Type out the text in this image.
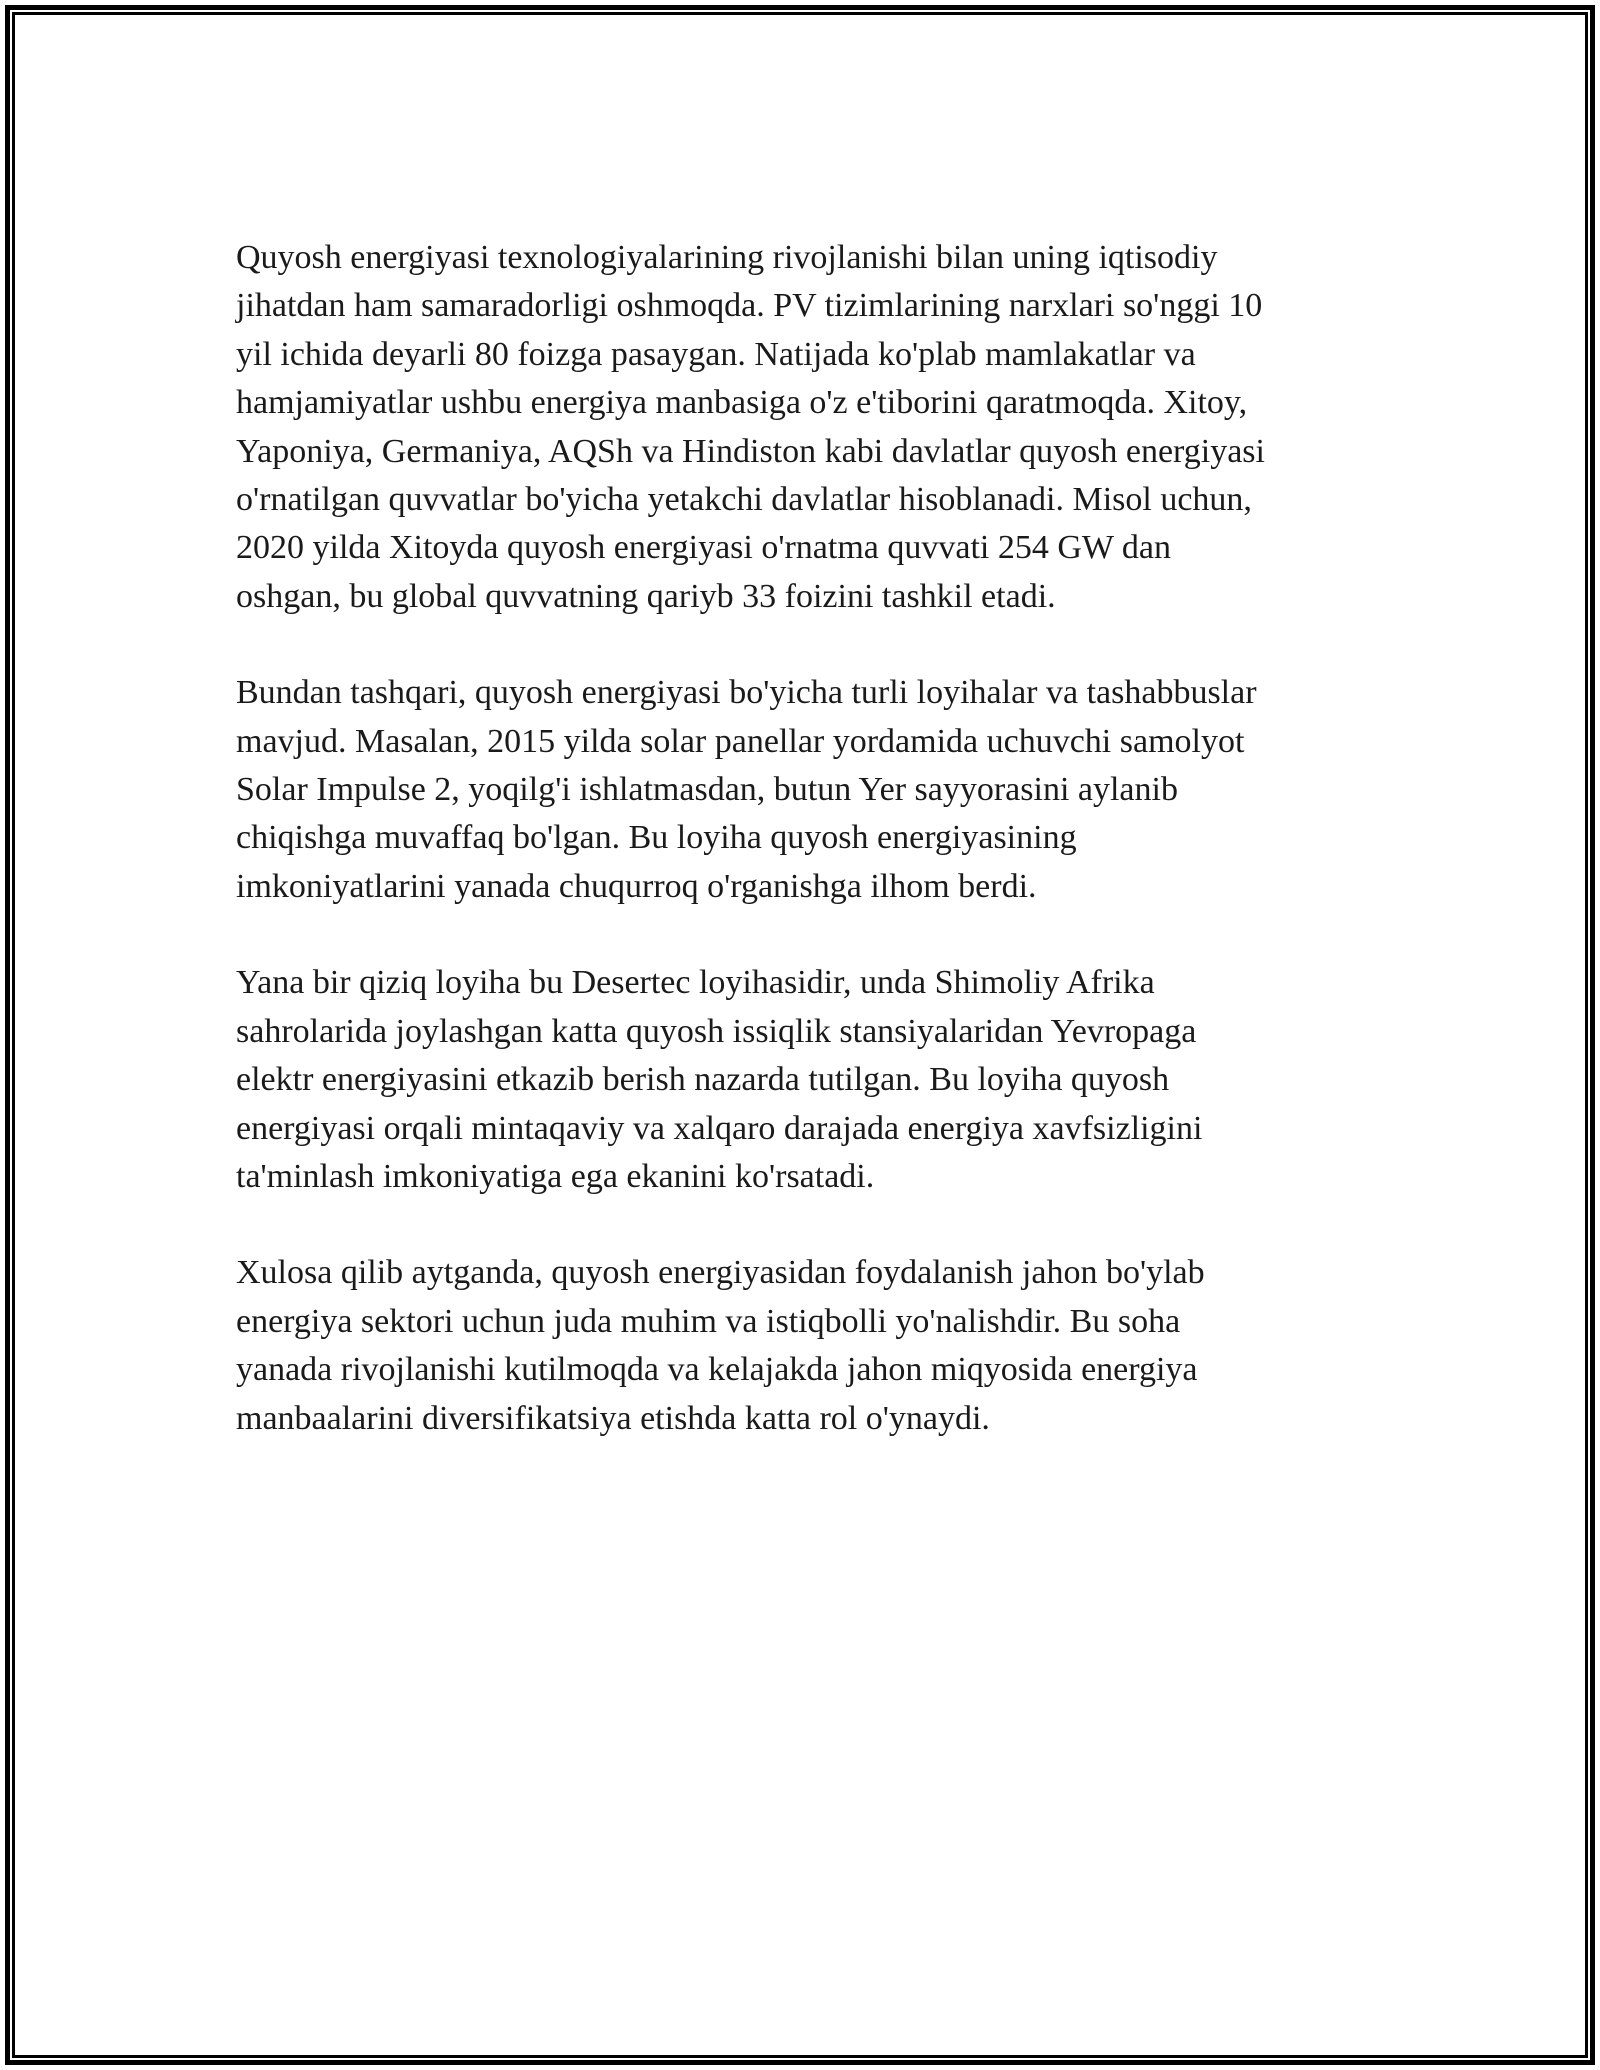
Quyosh energiyasi texnologiyalarining rivojlanishi bilan uning iqtisodiy
jihatdan ham samaradorligi oshmoqda. PV tizimlarining narxlari so'nggi 10
yil ichida deyarli 80 foizga pasaygan. Natijada ko'plab mamlakatlar va
hamjamiyatlar ushbu energiya manbasiga o'z e'tiborini qaratmoqda. Xitoy,
Yaponiya, Germaniya, AQSh va Hindiston kabi davlatlar quyosh energiyasi
o'rnatilgan quvvatlar bo'yicha yetakchi davlatlar hisoblanadi. Misol uchun,
2020 yilda Xitoyda quyosh energiyasi o'rnatma quvvati 254 GW dan
oshgan, bu global quvvatning qariyb 33 foizini tashkil etadi.

Bundan tashqari, quyosh energiyasi bo'yicha turli loyihalar va tashabbuslar
mavjud. Masalan, 2015 yilda solar panellar yordamida uchuvchi samolyot
Solar Impulse 2, yoqilg'i ishlatmasdan, butun Yer sayyorasini aylanib
chiqishga muvaffaq bo'lgan. Bu loyiha quyosh energiyasining
imkoniyatlarini yanada chuqurroq o'rganishga ilhom berdi.

Yana bir qiziq loyiha bu Desertec loyihasidir, unda Shimoliy Afrika
sahrolarida joylashgan katta quyosh issiqlik stansiyalaridan Yevropaga
elektr energiyasini etkazib berish nazarda tutilgan. Bu loyiha quyosh
energiyasi orqali mintaqaviy va xalqaro darajada energiya xavfsizligini
ta'minlash imkoniyatiga ega ekanini ko'rsatadi.

Xulosa qilib aytganda, quyosh energiyasidan foydalanish jahon bo'ylab
energiya sektori uchun juda muhim va istiqbolli yo'nalishdir. Bu soha
yanada rivojlanishi kutilmoqda va kelajakda jahon miqyosida energiya
manbaalarini diversifikatsiya etishda katta rol o'ynaydi.
